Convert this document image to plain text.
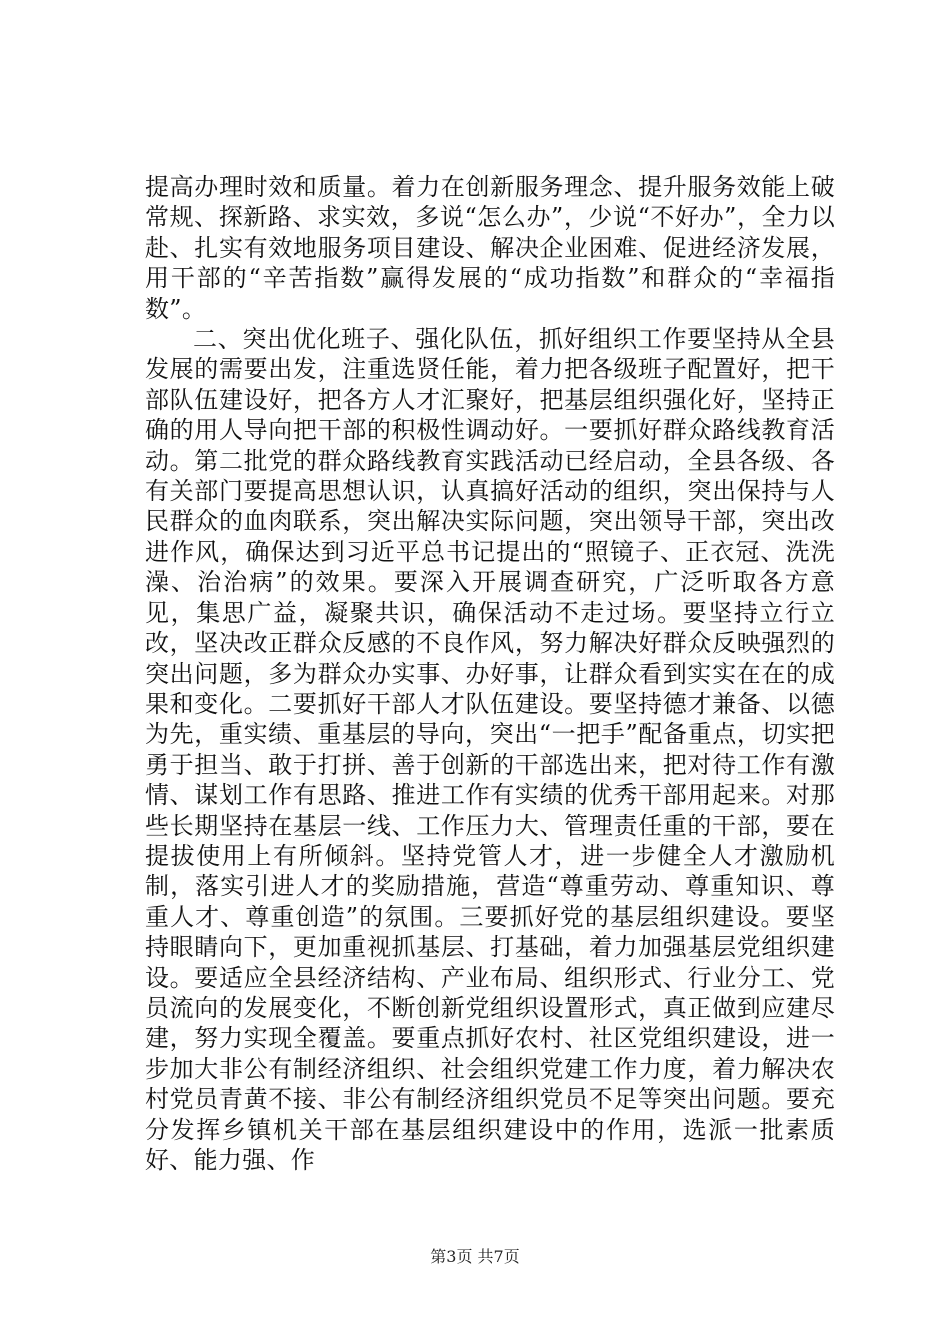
提高办理时效和质量。着力在创新服务理念、提升服务效能上破常规、探新路、求实效，多说“怎么办”，少说“不好办”，全力以赴、扎实有效地服务项目建设、解决企业困难、促进经济发展，用干部的“辛苦指数”赢得发展的“成功指数”和群众的“幸福指数”。

二、突出优化班子、强化队伍，抓好组织工作要坚持从全县发展的需要出发，注重选贤任能，着力把各级班子配置好，把干部队伍建设好，把各方人才汇聚好，把基层组织强化好，坚持正确的用人导向把干部的积极性调动好。一要抓好群众路线教育活动。第二批党的群众路线教育实践活动已经启动，全县各级、各有关部门要提高思想认识，认真搞好活动的组织，突出保持与人民群众的血肉联系，突出解决实际问题，突出领导干部，突出改进作风，确保达到习近平总书记提出的“照镜子、正衣冠、洗洗澡、治治病”的效果。要深入开展调查研究，广泛听取各方意见，集思广益，凝聚共识，确保活动不走过场。要坚持立行立改，坚决改正群众反感的不良作风，努力解决好群众反映强烈的突出问题，多为群众办实事、办好事，让群众看到实实在在的成果和变化。二要抓好干部人才队伍建设。要坚持德才兼备、以德为先，重实绩、重基层的导向，突出“一把手”配备重点，切实把勇于担当、敢于打拼、善于创新的干部选出来，把对待工作有激情、谋划工作有思路、推进工作有实绩的优秀干部用起来。对那些长期坚持在基层一线、工作压力大、管理责任重的干部，要在提拔使用上有所倾斜。坚持党管人才，进一步健全人才激励机制，落实引进人才的奖励措施，营造“尊重劳动、尊重知识、尊重人才、尊重创造”的氛围。三要抓好党的基层组织建设。要坚持眼睛向下，更加重视抓基层、打基础，着力加强基层党组织建设。要适应全县经济结构、产业布局、组织形式、行业分工、党员流向的发展变化，不断创新党组织设置形式，真正做到应建尽建，努力实现全覆盖。要重点抓好农村、社区党组织建设，进一步加大非公有制经济组织、社会组织党建工作力度，着力解决农村党员青黄不接、非公有制经济组织党员不足等突出问题。要充分发挥乡镇机关干部在基层组织建设中的作用，选派一批素质好、能力强、作

第3页 共7页
